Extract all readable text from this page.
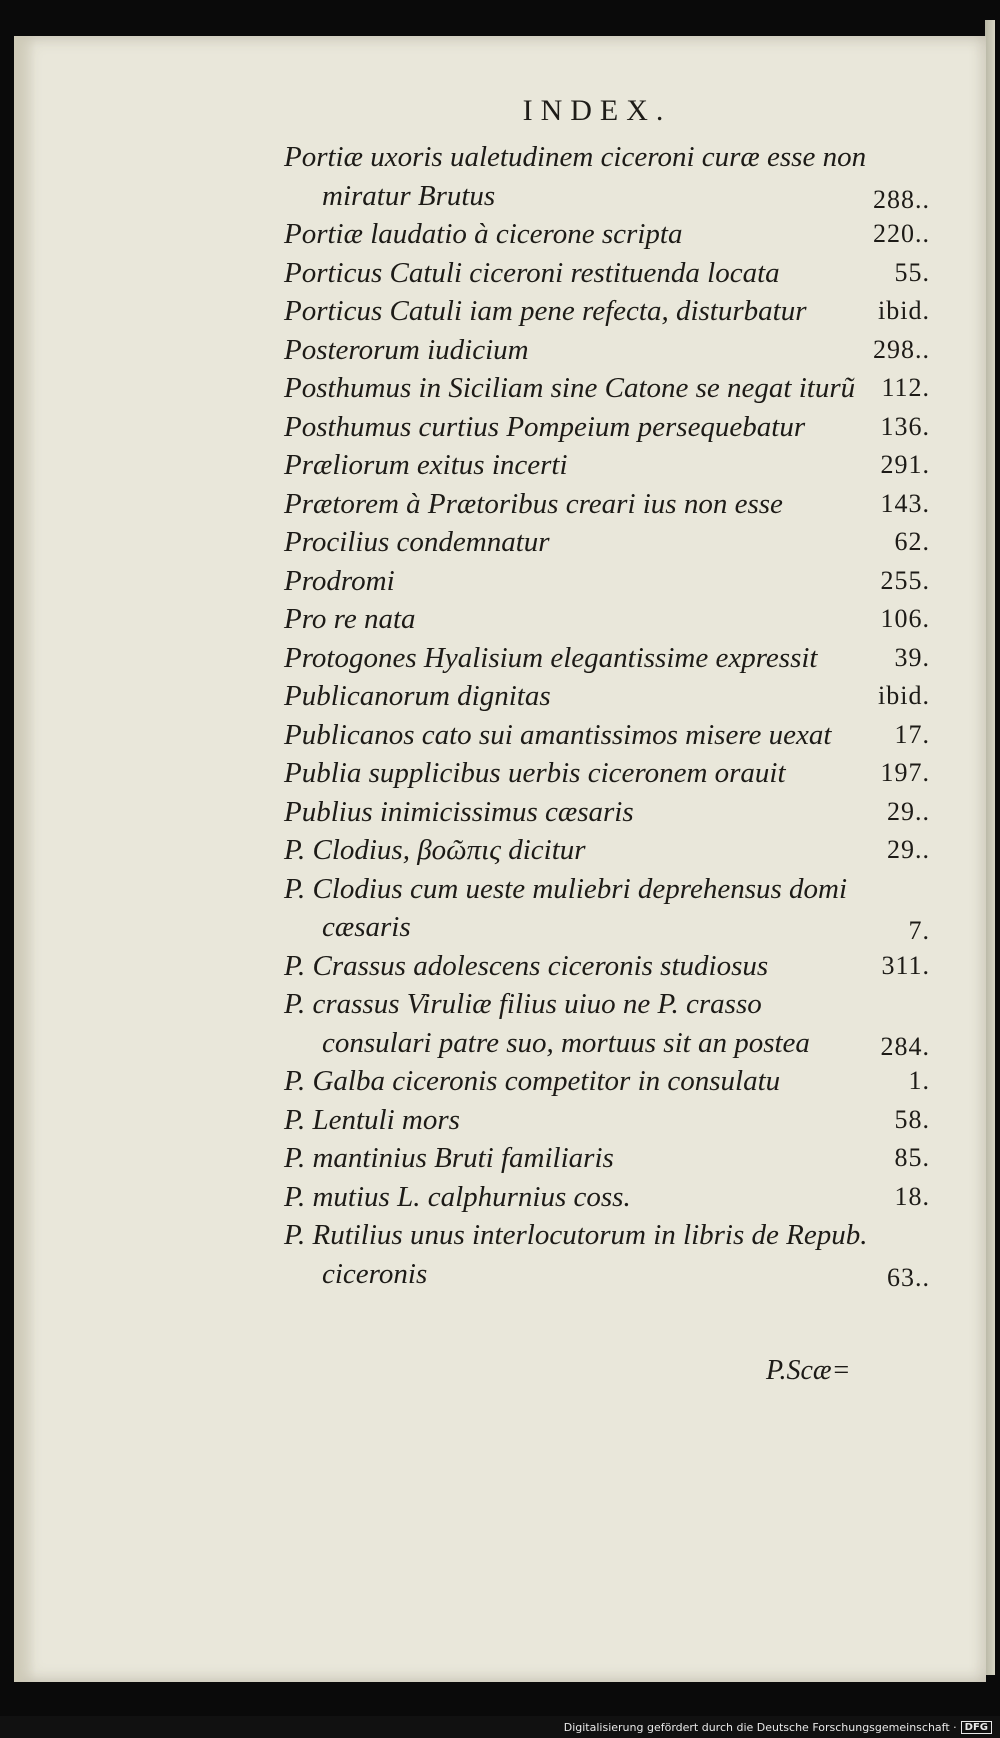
INDEX.
Portiæ uxoris ualetudinem ciceroni curæ esse non miratur Brutus	288..
Portiæ laudatio à cicerone scripta	220..
Porticus Catuli ciceroni restituenda locata	55.
Porticus Catuli iam pene refecta, disturbatur	ibid.
Posterorum iudicium	298..
Posthumus in Siciliam sine Catone se negat iturũ	112.
Posthumus curtius Pompeium persequebatur	136.
Præliorum exitus incerti	291.
Prætorem à Prætoribus creari ius non esse	143.
Procilius condemnatur	62.
Prodromi	255.
Pro re nata	106.
Protogones Hyalisium elegantissime expressit	39.
Publicanorum dignitas	ibid.
Publicanos cato sui amantissimos misere uexat	17.
Publia supplicibus uerbis ciceronem orauit	197.
Publius inimicissimus cæsaris	29..
P. Clodius, βοῶπις dicitur	29..
P. Clodius cum ueste muliebri deprehensus domi cæsaris	7.
P. Crassus adolescens ciceronis studiosus	311.
P. crassus Viruliæ filius uiuo ne P. crasso consulari patre suo, mortuus sit an postea	284.
P. Galba ciceronis competitor in consulatu	1.
P. Lentuli mors	58.
P. mantinius Bruti familiaris	85.
P. mutius L. calphurnius coss.	18.
P. Rutilius unus interlocutorum in libris de Repub. ciceronis	63..
P.Scæ=
Digitalisierung gefördert durch die Deutsche Forschungsgemeinschaft · DFG
